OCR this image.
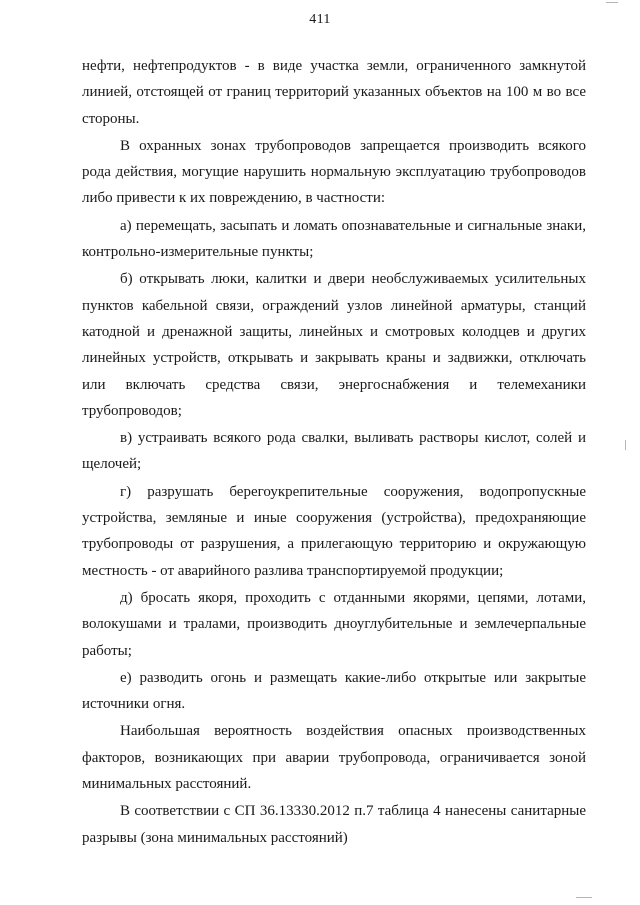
411

нефти, нефтепродуктов - в виде участка земли, ограниченного замкнутой линией, отстоящей от границ территорий указанных объектов на 100 м во все стороны.

В охранных зонах трубопроводов запрещается производить всякого рода действия, могущие нарушить нормальную эксплуатацию трубопроводов либо привести к их повреждению, в частности:

а) перемещать, засыпать и ломать опознавательные и сигнальные знаки, контрольно-измерительные пункты;

б) открывать люки, калитки и двери необслуживаемых усилительных пунктов кабельной связи, ограждений узлов линейной арматуры, станций катодной и дренажной защиты, линейных и смотровых колодцев и других линейных устройств, открывать и закрывать краны и задвижки, отключать или включать средства связи, энергоснабжения и телемеханики трубопроводов;

в) устраивать всякого рода свалки, выливать растворы кислот, солей и щелочей;

г) разрушать берегоукрепительные сооружения, водопропускные устройства, земляные и иные сооружения (устройства), предохраняющие трубопроводы от разрушения, а прилегающую территорию и окружающую местность - от аварийного разлива транспортируемой продукции;

д) бросать якоря, проходить с отданными якорями, цепями, лотами, волокушами и тралами, производить дноуглубительные и землечерпальные работы;

е) разводить огонь и размещать какие-либо открытые или закрытые источники огня.

Наибольшая вероятность воздействия опасных производственных факторов, возникающих при аварии трубопровода, ограничивается зоной минимальных расстояний.

В соответствии с СП 36.13330.2012 п.7 таблица 4 нанесены санитарные разрывы (зона минимальных расстояний)
